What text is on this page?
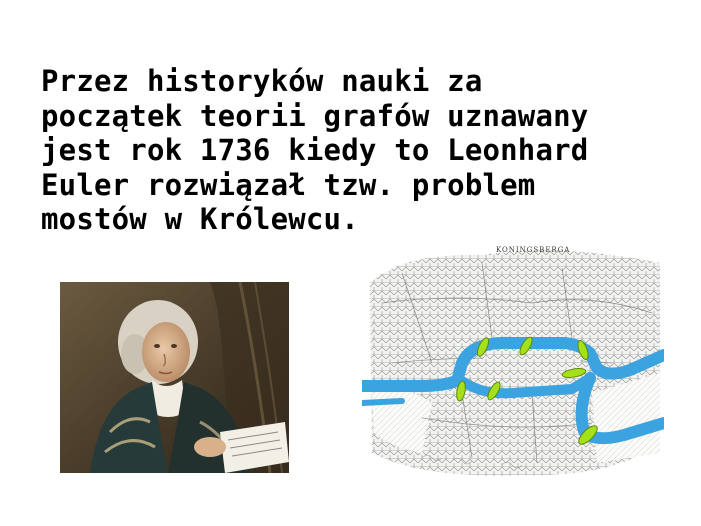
Przez historyków nauki za
początek teorii grafów uznawany
jest rok 1736 kiedy to Leonhard
Euler rozwiązał tzw. problem
mostów w Królewcu.

KONINGSBERGA
